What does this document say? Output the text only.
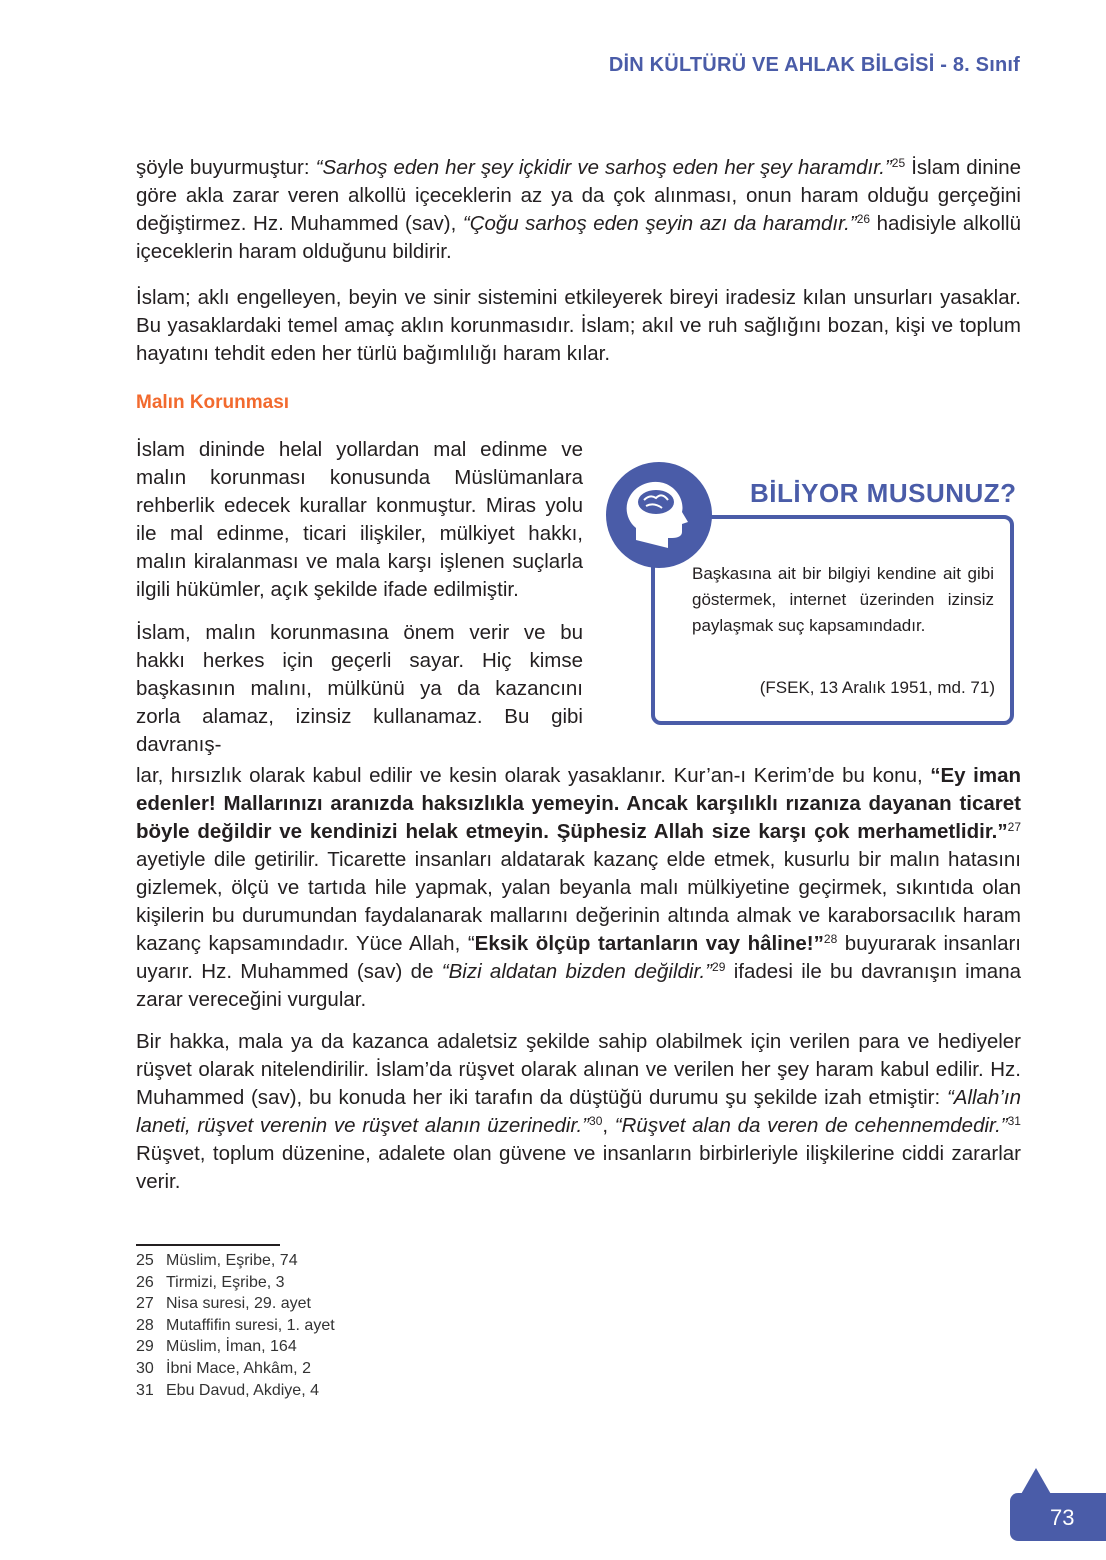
DİN KÜLTÜRÜ VE AHLAK BİLGİSİ - 8. Sınıf

şöyle buyurmuştur: “Sarhoş eden her şey içkidir ve sarhoş eden her şey haramdır.”$^{25}$ İslam dinine göre akla zarar veren alkollü içeceklerin az ya da çok alınması, onun haram olduğu gerçeğini değiştirmez. Hz. Muhammed (sav), “Çoğu sarhoş eden şeyin azı da haramdır.”$^{26}$ hadisiyle alkollü içeceklerin haram olduğunu bildirir.

İslam; aklı engelleyen, beyin ve sinir sistemini etkileyerek bireyi iradesiz kılan unsurları yasaklar. Bu yasaklardaki temel amaç aklın korunmasıdır. İslam; akıl ve ruh sağlığını bozan, kişi ve toplum hayatını tehdit eden her türlü bağımlılığı haram kılar.

Malın Korunması

İslam dininde helal yollardan mal edinme ve malın korunması konusunda Müslümanlara rehberlik edecek kurallar konmuştur. Miras yolu ile mal edinme, ticari ilişkiler, mülkiyet hakkı, malın kiralanması ve mala karşı işlenen suçlarla ilgili hükümler, açık şekilde ifade edilmiştir.

İslam, malın korunmasına önem verir ve bu hakkı herkes için geçerli sayar. Hiç kimse başkasının malını, mülkünü ya da kazancını zorla alamaz, izinsiz kullanamaz. Bu gibi davranış-

BİLİYOR MUSUNUZ?
Başkasına ait bir bilgiyi kendine ait gibi göstermek, internet üzerinden izinsiz paylaşmak suç kapsamındadır.
(FSEK, 13 Aralık 1951, md. 71)

lar, hırsızlık olarak kabul edilir ve kesin olarak yasaklanır. Kur’an-ı Kerim’de bu konu, “Ey iman edenler! Mallarınızı aranızda haksızlıkla yemeyin. Ancak karşılıklı rızanıza dayanan ticaret böyle değildir ve kendinizi helak etmeyin. Şüphesiz Allah size karşı çok merhametlidir.”$^{27}$ ayetiyle dile getirilir. Ticarette insanları aldatarak kazanç elde etmek, kusurlu bir malın hatasını gizlemek, ölçü ve tartıda hile yapmak, yalan beyanla malı mülkiyetine geçirmek, sıkıntıda olan kişilerin bu durumundan faydalanarak mallarını değerinin altında almak ve karaborsacılık haram kazanç kapsamındadır. Yüce Allah, “Eksik ölçüp tartanların vay hâline!”$^{28}$ buyurarak insanları uyarır. Hz. Muhammed (sav) de “Bizi aldatan bizden değildir.”$^{29}$ ifadesi ile bu davranışın imana zarar vereceğini vurgular.

Bir hakka, mala ya da kazanca adaletsiz şekilde sahip olabilmek için verilen para ve hediyeler rüşvet olarak nitelendirilir. İslam’da rüşvet olarak alınan ve verilen her şey haram kabul edilir. Hz. Muhammed (sav), bu konuda her iki tarafın da düştüğü durumu şu şekilde izah etmiştir: “Allah’ın laneti, rüşvet verenin ve rüşvet alanın üzerinedir.”$^{30}$, “Rüşvet alan da veren de cehennemdedir.”$^{31}$ Rüşvet, toplum düzenine, adalete olan güvene ve insanların birbirleriyle ilişkilerine ciddi zararlar verir.

25 Müslim, Eşribe, 74
26 Tirmizi, Eşribe, 3
27 Nisa suresi, 29. ayet
28 Mutaffifin suresi, 1. ayet
29 Müslim, İman, 164
30 İbni Mace, Ahkâm, 2
31 Ebu Davud, Akdiye, 4
73
